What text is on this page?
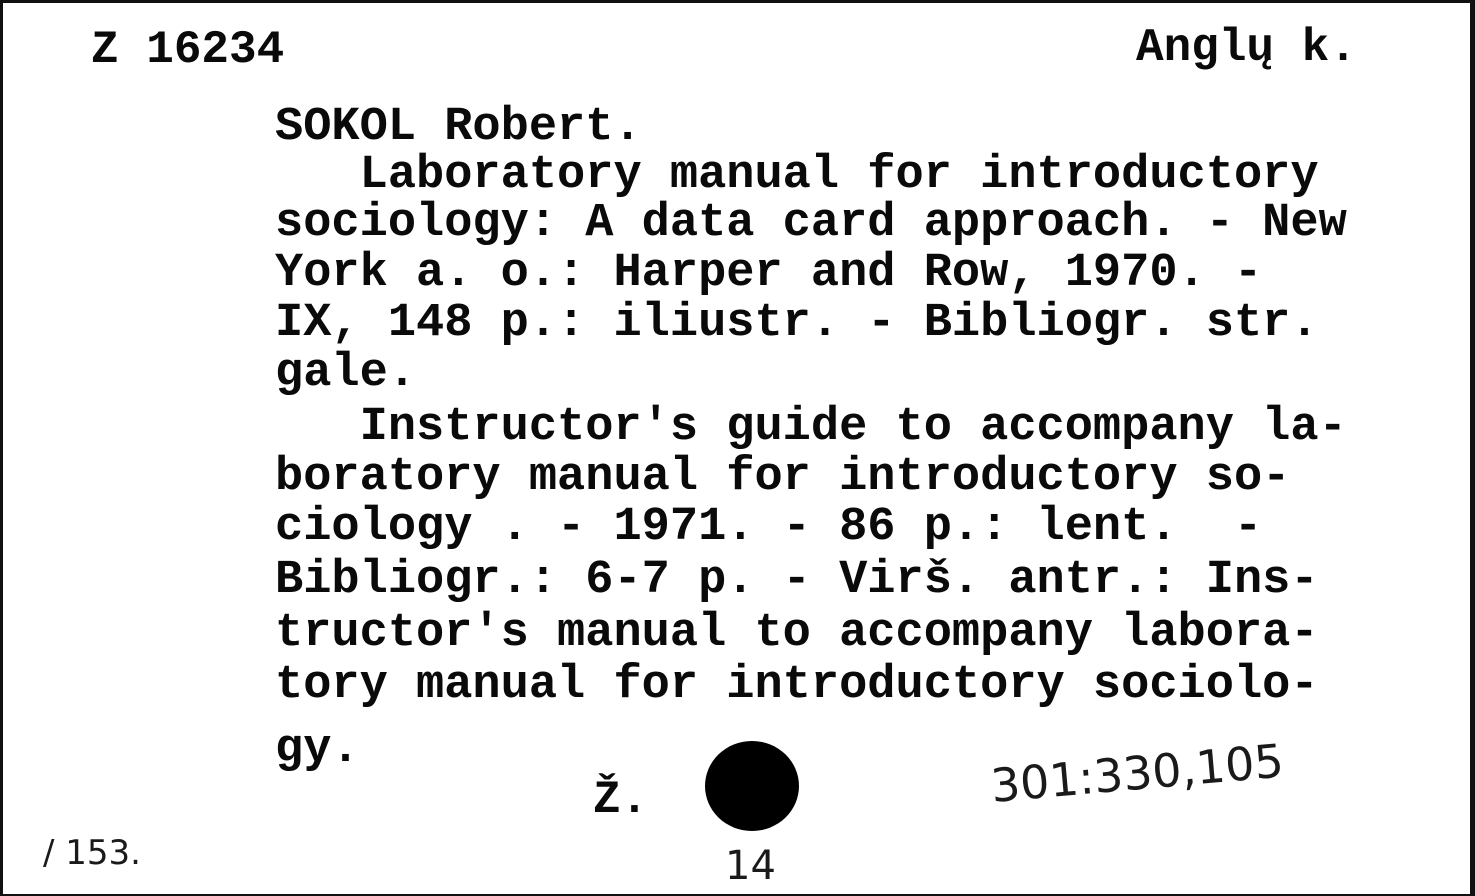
Z 16234	Anglų k.
SOKOL Robert.
Laboratory manual for introductory
sociology: A data card approach. - New
York a. o.: Harper and Row, 1970. -
IX, 148 p.: iliustr. - Bibliogr. str.
gale.
Instructor's guide to accompany la-
boratory manual for introductory so-
ciology . - 1971. - 86 p.: lent.  -
Bibliogr.: 6-7 p. - Virš. antr.: Ins-
tructor's manual to accompany labora-
tory manual for introductory sociolo-
gy.
Ž.	301:330,105
/ 153.	14
